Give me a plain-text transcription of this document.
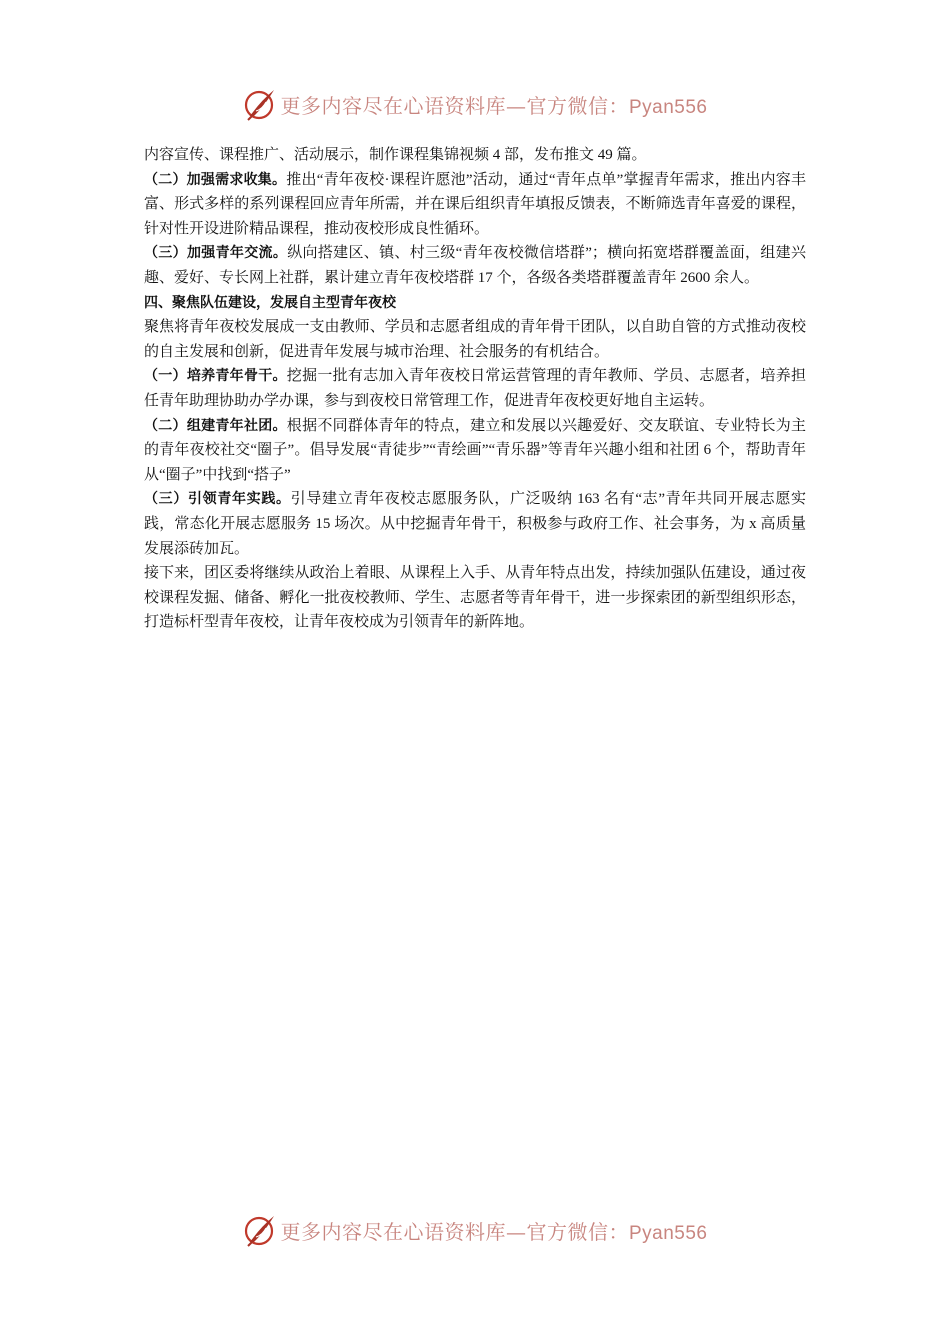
更多内容尽在心语资料库—官方微信：Pyan556

内容宣传、课程推广、活动展示，制作课程集锦视频 4 部，发布推文 49 篇。

（二）加强需求收集。推出“青年夜校·课程许愿池”活动，通过“青年点单”掌握青年需求，推出内容丰富、形式多样的系列课程回应青年所需，并在课后组织青年填报反馈表，不断筛选青年喜爱的课程，针对性开设进阶精品课程，推动夜校形成良性循环。

（三）加强青年交流。纵向搭建区、镇、村三级“青年夜校微信塔群”；横向拓宽塔群覆盖面，组建兴趣、爱好、专长网上社群，累计建立青年夜校塔群 17 个，各级各类塔群覆盖青年 2600 余人。

四、聚焦队伍建设，发展自主型青年夜校

聚焦将青年夜校发展成一支由教师、学员和志愿者组成的青年骨干团队，以自助自管的方式推动夜校的自主发展和创新，促进青年发展与城市治理、社会服务的有机结合。

（一）培养青年骨干。挖掘一批有志加入青年夜校日常运营管理的青年教师、学员、志愿者，培养担任青年助理协助办学办课，参与到夜校日常管理工作，促进青年夜校更好地自主运转。

（二）组建青年社团。根据不同群体青年的特点，建立和发展以兴趣爱好、交友联谊、专业特长为主的青年夜校社交“圈子”。倡导发展“青徒步”“青绘画”“青乐器”等青年兴趣小组和社团 6 个，帮助青年从“圈子”中找到“搭子”

（三）引领青年实践。引导建立青年夜校志愿服务队，广泛吸纳 163 名有“志”青年共同开展志愿实践，常态化开展志愿服务 15 场次。从中挖掘青年骨干，积极参与政府工作、社会事务，为 x 高质量发展添砖加瓦。

接下来，团区委将继续从政治上着眼、从课程上入手、从青年特点出发，持续加强队伍建设，通过夜校课程发掘、储备、孵化一批夜校教师、学生、志愿者等青年骨干，进一步探索团的新型组织形态，打造标杆型青年夜校，让青年夜校成为引领青年的新阵地。

更多内容尽在心语资料库—官方微信：Pyan556
